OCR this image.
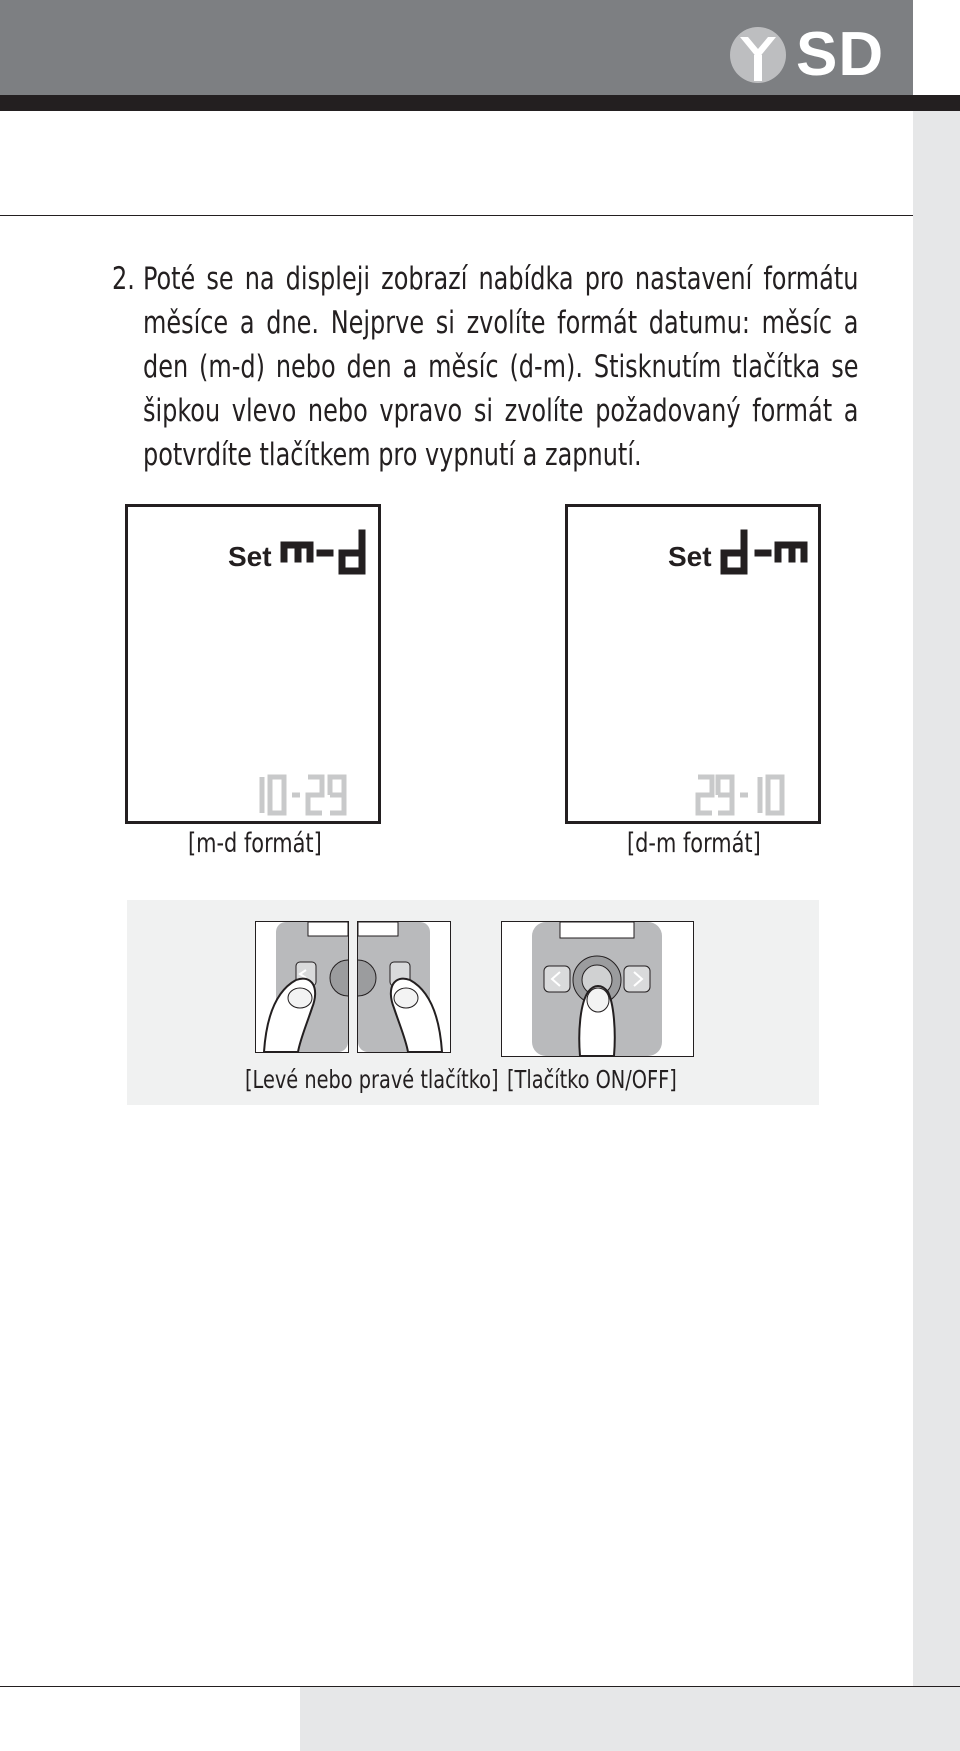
SD
2. Poté se na displeji zobrazí nabídka pro nastavení formátu měsíce a dne. Nejprve si zvolíte formát datumu: měsíc a den (m-d) nebo den a měsíc (d-m). Stisknutím tlačítka se šipkou vlevo nebo vpravo si zvolíte požadovaný formát a potvrdíte tlačítkem pro vypnutí a zapnutí.
Set	Set
[m-d formát]	[d-m formát]
[Levé nebo pravé tlačítko] [Tlačítko ON/OFF]
